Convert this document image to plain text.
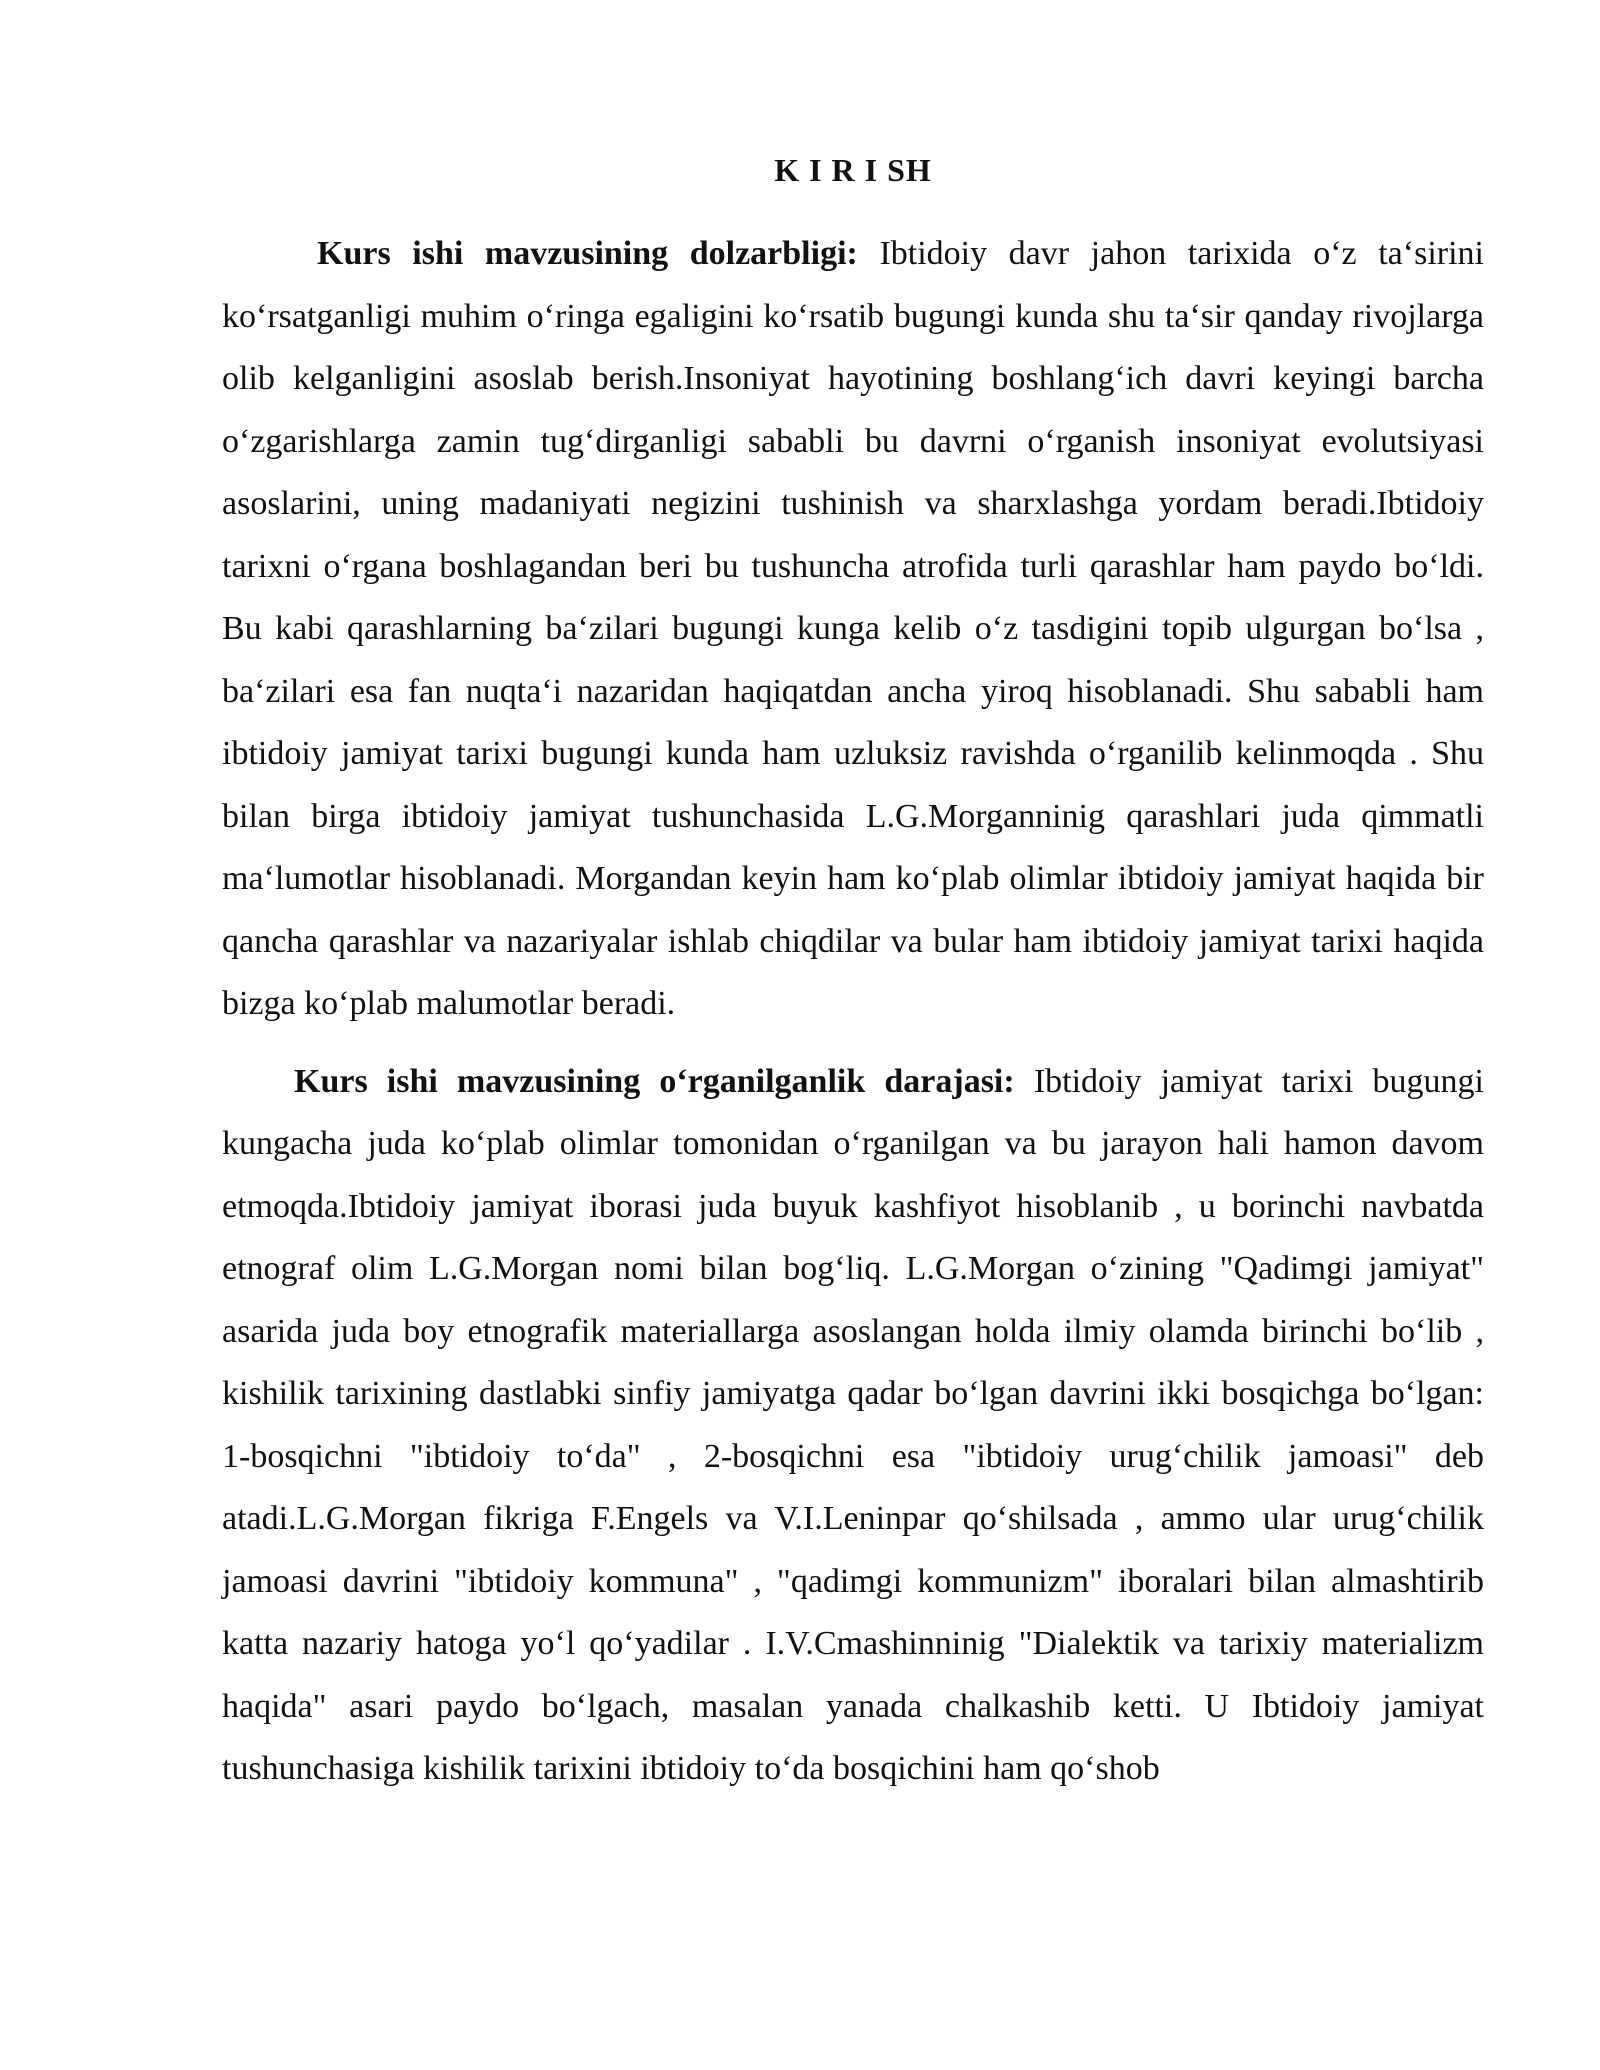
K I R I SH

Kurs ishi mavzusining dolzarbligi: Ibtidoiy davr jahon tarixida o‘z ta‘sirini ko‘rsatganligi muhim o‘ringa egaligini ko‘rsatib bugungi kunda shu ta‘sir qanday rivojlarga olib kelganligini asoslab berish.Insoniyat hayotining boshlang‘ich davri keyingi barcha o‘zgarishlarga zamin tug‘dirganligi sababli bu davrni o‘rganish insoniyat evolutsiyasi asoslarini, uning madaniyati negizini tushinish va sharxlashga yordam beradi.Ibtidoiy tarixni o‘rgana boshlagandan beri bu tushuncha atrofida turli qarashlar ham paydo bo‘ldi. Bu kabi qarashlarning ba‘zilari bugungi kunga kelib o‘z tasdigini topib ulgurgan bo‘lsa , ba‘zilari esa fan nuqta‘i nazaridan haqiqatdan ancha yiroq hisoblanadi. Shu sababli ham ibtidoiy jamiyat tarixi bugungi kunda ham uzluksiz ravishda o‘rganilib kelinmoqda . Shu bilan birga ibtidoiy jamiyat tushunchasida L.G.Morganninig qarashlari juda qimmatli ma‘lumotlar hisoblanadi. Morgandan keyin ham ko‘plab olimlar ibtidoiy jamiyat haqida bir qancha qarashlar va nazariyalar ishlab chiqdilar va bular ham ibtidoiy jamiyat tarixi haqida bizga ko‘plab malumotlar beradi.

Kurs ishi mavzusining o‘rganilganlik darajasi: Ibtidoiy jamiyat tarixi bugungi kungacha juda ko‘plab olimlar tomonidan o‘rganilgan va bu jarayon hali hamon davom etmoqda.Ibtidoiy jamiyat iborasi juda buyuk kashfiyot hisoblanib , u borinchi navbatda etnograf olim L.G.Morgan nomi bilan bog‘liq. L.G.Morgan o‘zining "Qadimgi jamiyat" asarida juda boy etnografik materiallarga asoslangan holda ilmiy olamda birinchi bo‘lib , kishilik tarixining dastlabki sinfiy jamiyatga qadar bo‘lgan davrini ikki bosqichga bo‘lgan: 1-bosqichni "ibtidoiy to‘da" , 2-bosqichni esa "ibtidoiy urug‘chilik jamoasi" deb atadi.L.G.Morgan fikriga F.Engels va V.I.Leninpar qo‘shilsada , ammo ular urug‘chilik jamoasi davrini "ibtidoiy kommuna" , "qadimgi kommunizm" iboralari bilan almashtirib katta nazariy hatoga yo‘l qo‘yadilar . I.V.Cmashinninig "Dialektik va tarixiy materializm haqida" asari paydo bo‘lgach, masalan yanada chalkashib ketti. U Ibtidoiy jamiyat tushunchasiga kishilik tarixini ibtidoiy to‘da bosqichini ham qo‘shob
